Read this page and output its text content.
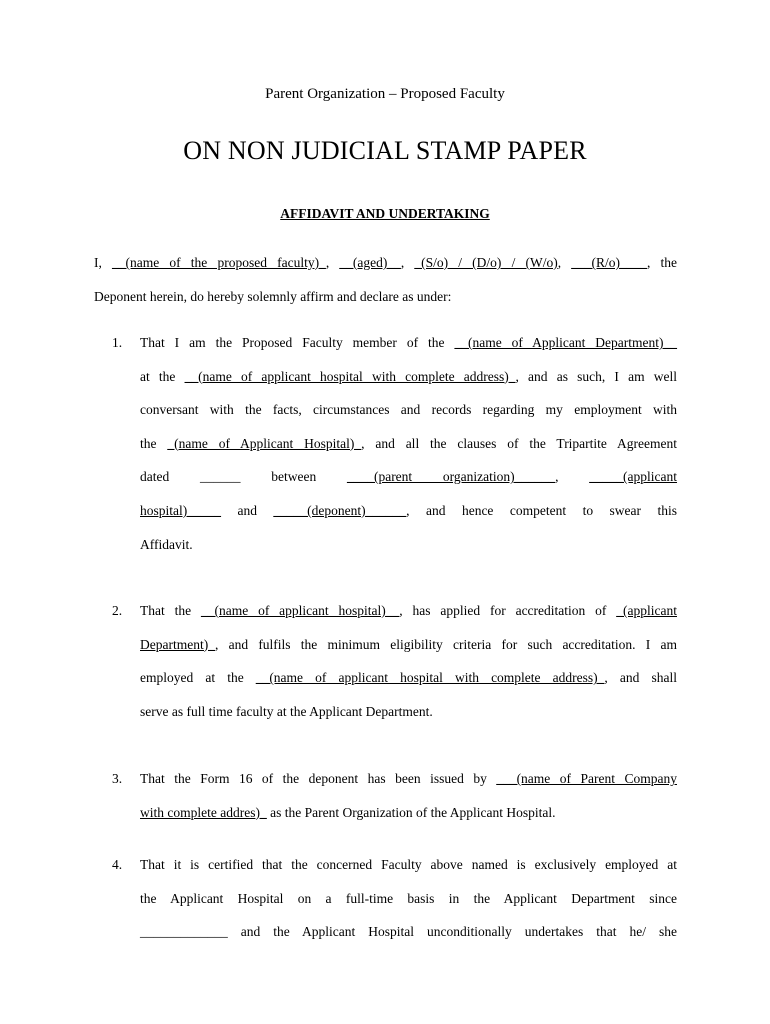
Parent Organization – Proposed Faculty
ON NON JUDICIAL STAMP PAPER
AFFIDAVIT AND UNDERTAKING
I, __(name of the proposed faculty)_, __(aged)__, _(S/o) / (D/o) / (W/o), ___(R/o)____, the
Deponent herein, do hereby solemnly affirm and declare as under:
1. That I am the Proposed Faculty member of the __(name of Applicant Department)__
at the __(name of applicant hospital with complete address)_, and as such, I am well
conversant with the facts, circumstances and records regarding my employment with
the _(name of Applicant Hospital)_, and all the clauses of the Tripartite Agreement
dated ______ between ____(parent organization)______, _____(applicant
hospital)_____ and _____(deponent)______, and hence competent to swear this
Affidavit.
2. That the __(name of applicant hospital)__, has applied for accreditation of _(applicant
Department)_, and fulfils the minimum eligibility criteria for such accreditation. I am
employed at the __(name of applicant hospital with complete address)_, and shall
serve as full time faculty at the Applicant Department.
3. That the Form 16 of the deponent has been issued by ___(name of Parent Company
with complete addres)_ as the Parent Organization of the Applicant Hospital.
4. That it is certified that the concerned Faculty above named is exclusively employed at
the Applicant Hospital on a full-time basis in the Applicant Department since
_____________ and the Applicant Hospital unconditionally undertakes that he/ she
